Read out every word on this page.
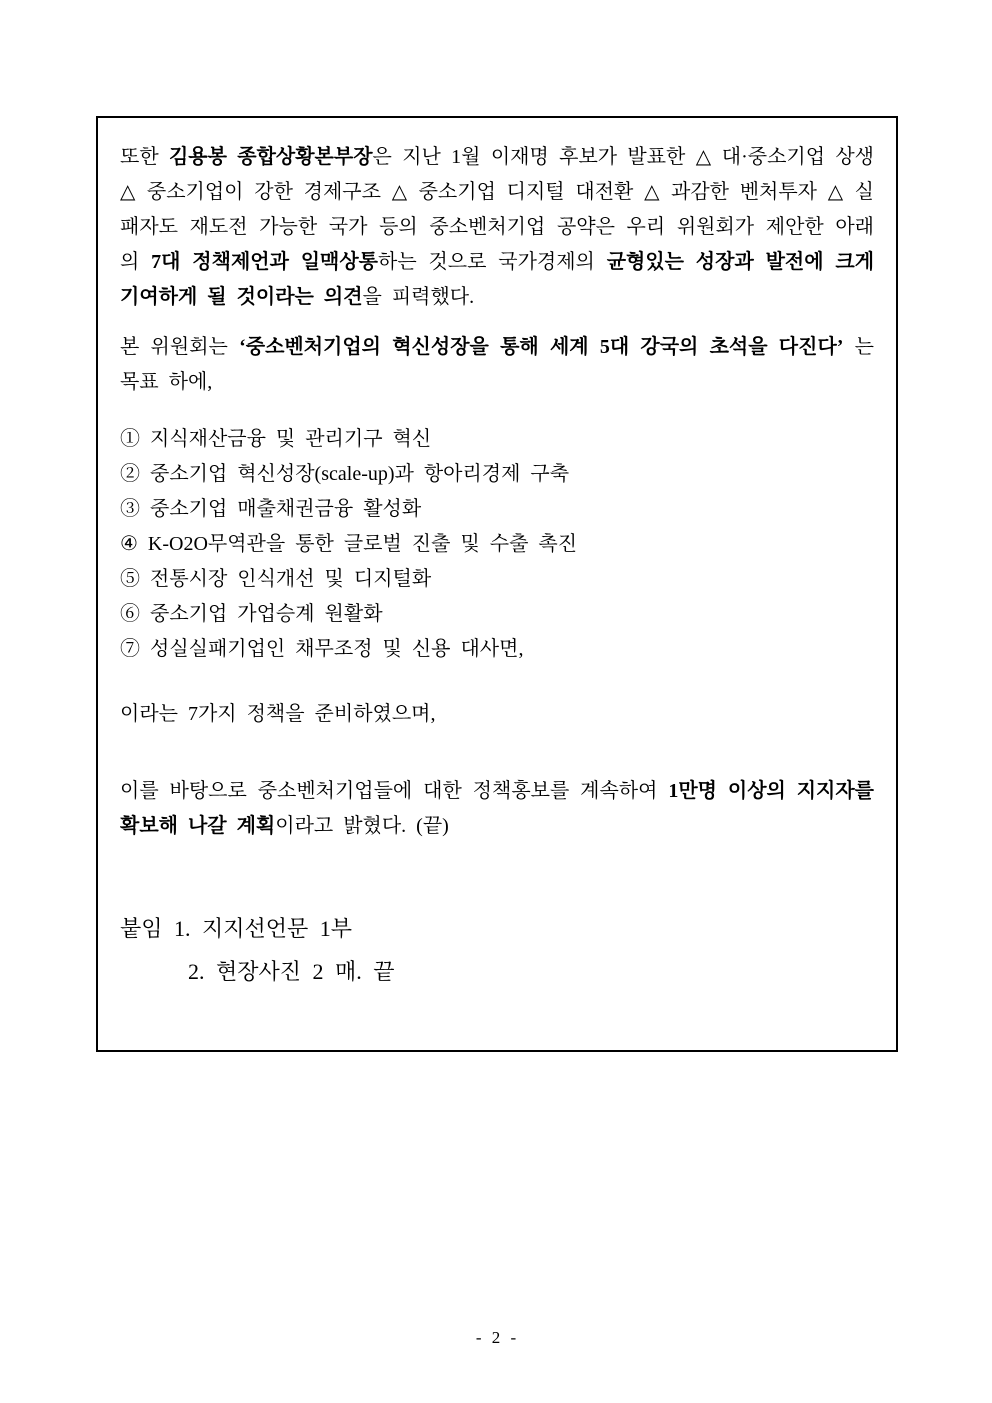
또한 김용봉 종합상황본부장은 지난 1월 이재명 후보가 발표한 △ 대·중소기업 상생 △ 중소기업이 강한 경제구조 △ 중소기업 디지털 대전환 △ 과감한 벤처투자 △ 실패자도 재도전 가능한 국가 등의 중소벤처기업 공약은 우리 위원회가 제안한 아래의 7대 정책제언과 일맥상통하는 것으로 국가경제의 균형있는 성장과 발전에 크게 기여하게 될 것이라는 의견을 피력했다.

본 위원회는 ‘중소벤처기업의 혁신성장을 통해 세계 5대 강국의 초석을 다진다’ 는 목표 하에,

① 지식재산금융 및 관리기구 혁신
② 중소기업 혁신성장(scale-up)과 항아리경제 구축
③ 중소기업 매출채권금융 활성화
④ K-O2O무역관을 통한 글로벌 진출 및 수출 촉진
⑤ 전통시장 인식개선 및 디지털화
⑥ 중소기업 가업승계 원활화
⑦ 성실실패기업인 채무조정 및 신용 대사면,

이라는 7가지 정책을 준비하였으며,

이를 바탕으로 중소벤처기업들에 대한 정책홍보를 계속하여 1만명 이상의 지지자를 확보해 나갈 계획이라고 밝혔다. (끝)

붙임 1. 지지선언문 1부
2. 현장사진 2 매. 끝
- 2 -
